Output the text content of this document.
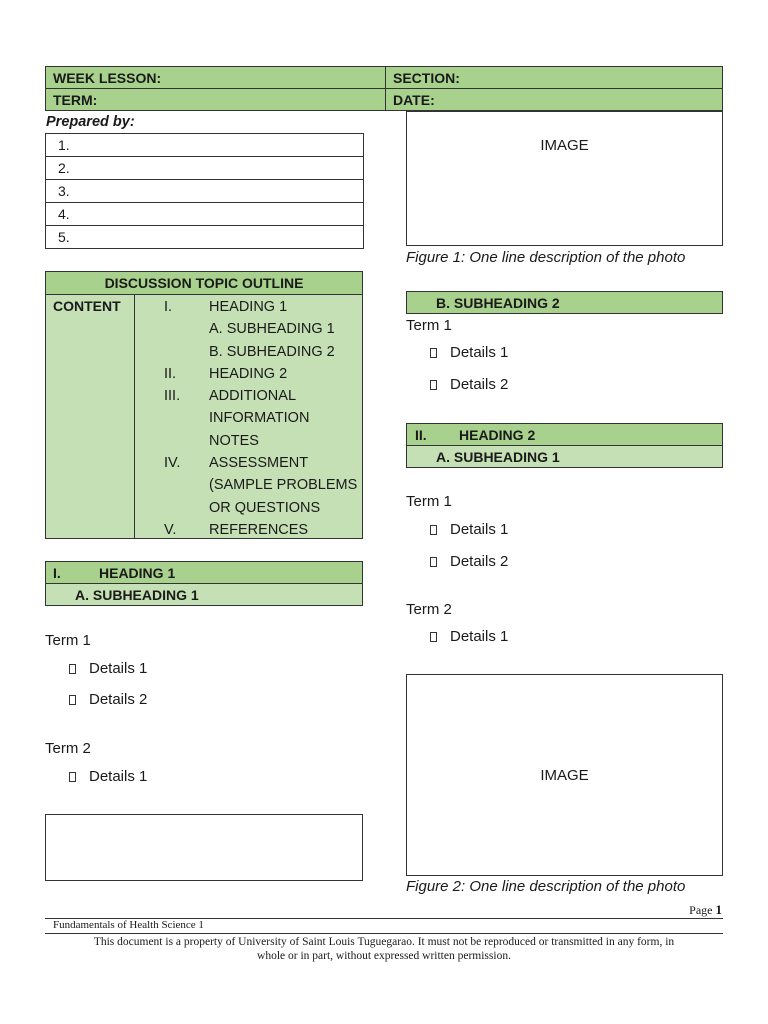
WEEK LESSON:	SECTION:
TERM:	DATE:
Prepared by:
1.
2.
3.
4.
5.
DISCUSSION TOPIC OUTLINE
CONTENT	I.	HEADING 1
A. SUBHEADING 1
B. SUBHEADING 2
II. HEADING 2
III. ADDITIONAL
INFORMATION
NOTES
IV. ASSESSMENT
(SAMPLE PROBLEMS
OR QUESTIONS
V. REFERENCES
I.	HEADING 1
A. SUBHEADING 1
Term 1
Details 1
Details 2
Term 2
Details 1
IMAGE
Figure 1: One line description of the photo
B. SUBHEADING 2
Term 1
Details 1
Details 2
II. HEADING 2
A. SUBHEADING 1
Term 1
Details 1
Details 2
Term 2
Details 1
IMAGE
Figure 2: One line description of the photo
Page 1
Fundamentals of Health Science 1
This document is a property of University of Saint Louis Tuguegarao. It must not be reproduced or transmitted in any form, in
whole or in part, without expressed written permission.
